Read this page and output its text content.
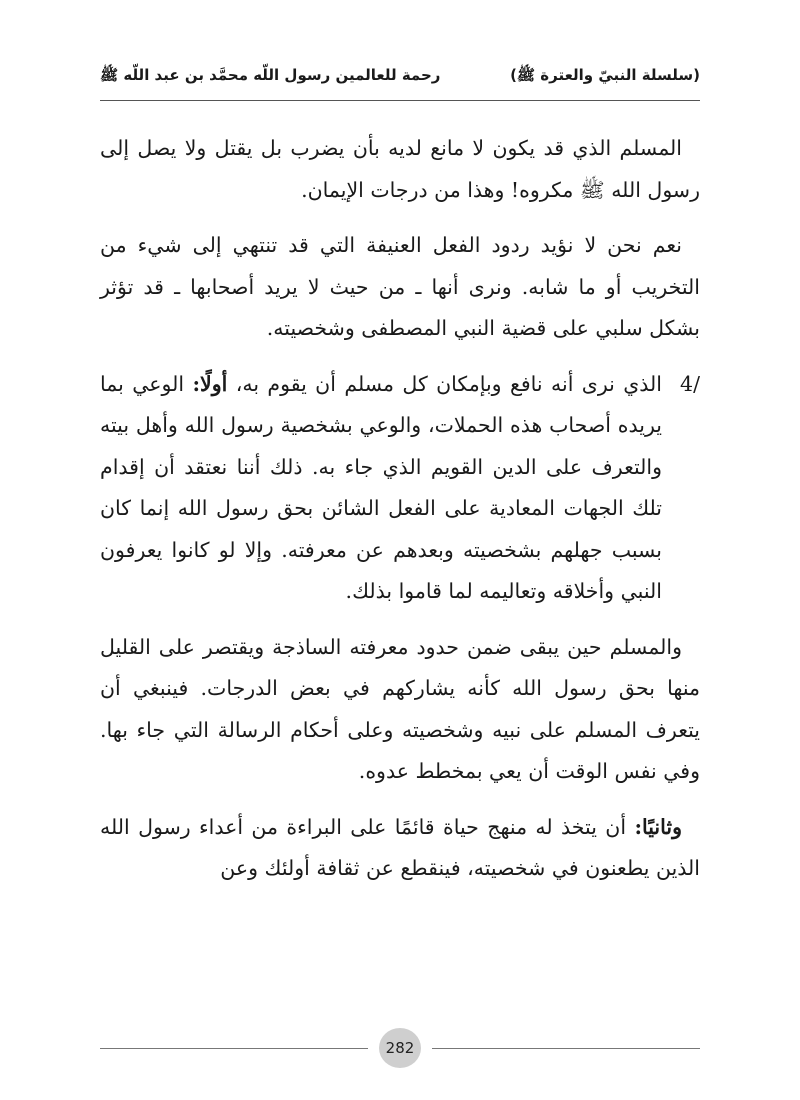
(سلسلة النبيّ والعترة ﷺ)
رحمة للعالمين رسول اللّه محمَّد بن عبد اللّه ﷺ

المسلم الذي قد يكون لا مانع لديه بأن يضرب بل يقتل ولا يصل إلى رسول الله ﷺ مكروه! وهذا من درجات الإيمان.

نعم نحن لا نؤيد ردود الفعل العنيفة التي قد تنتهي إلى شيء من التخريب أو ما شابه. ونرى أنها ـ من حيث لا يريد أصحابها ـ قد تؤثر بشكل سلبي على قضية النبي المصطفى وشخصيته.

4/
الذي نرى أنه نافع وبإمكان كل مسلم أن يقوم به، أولًا: الوعي بما يريده أصحاب هذه الحملات، والوعي بشخصية رسول الله وأهل بيته والتعرف على الدين القويم الذي جاء به. ذلك أننا نعتقد أن إقدام تلك الجهات المعادية على الفعل الشائن بحق رسول الله إنما كان بسبب جهلهم بشخصيته وبعدهم عن معرفته. وإلا لو كانوا يعرفون النبي وأخلاقه وتعاليمه لما قاموا بذلك.

والمسلم حين يبقى ضمن حدود معرفته الساذجة ويقتصر على القليل منها بحق رسول الله كأنه يشاركهم في بعض الدرجات. فينبغي أن يتعرف المسلم على نبيه وشخصيته وعلى أحكام الرسالة التي جاء بها. وفي نفس الوقت أن يعي بمخطط عدوه.

وثانيًا: أن يتخذ له منهج حياة قائمًا على البراءة من أعداء رسول الله الذين يطعنون في شخصيته، فينقطع عن ثقافة أولئك وعن

282
